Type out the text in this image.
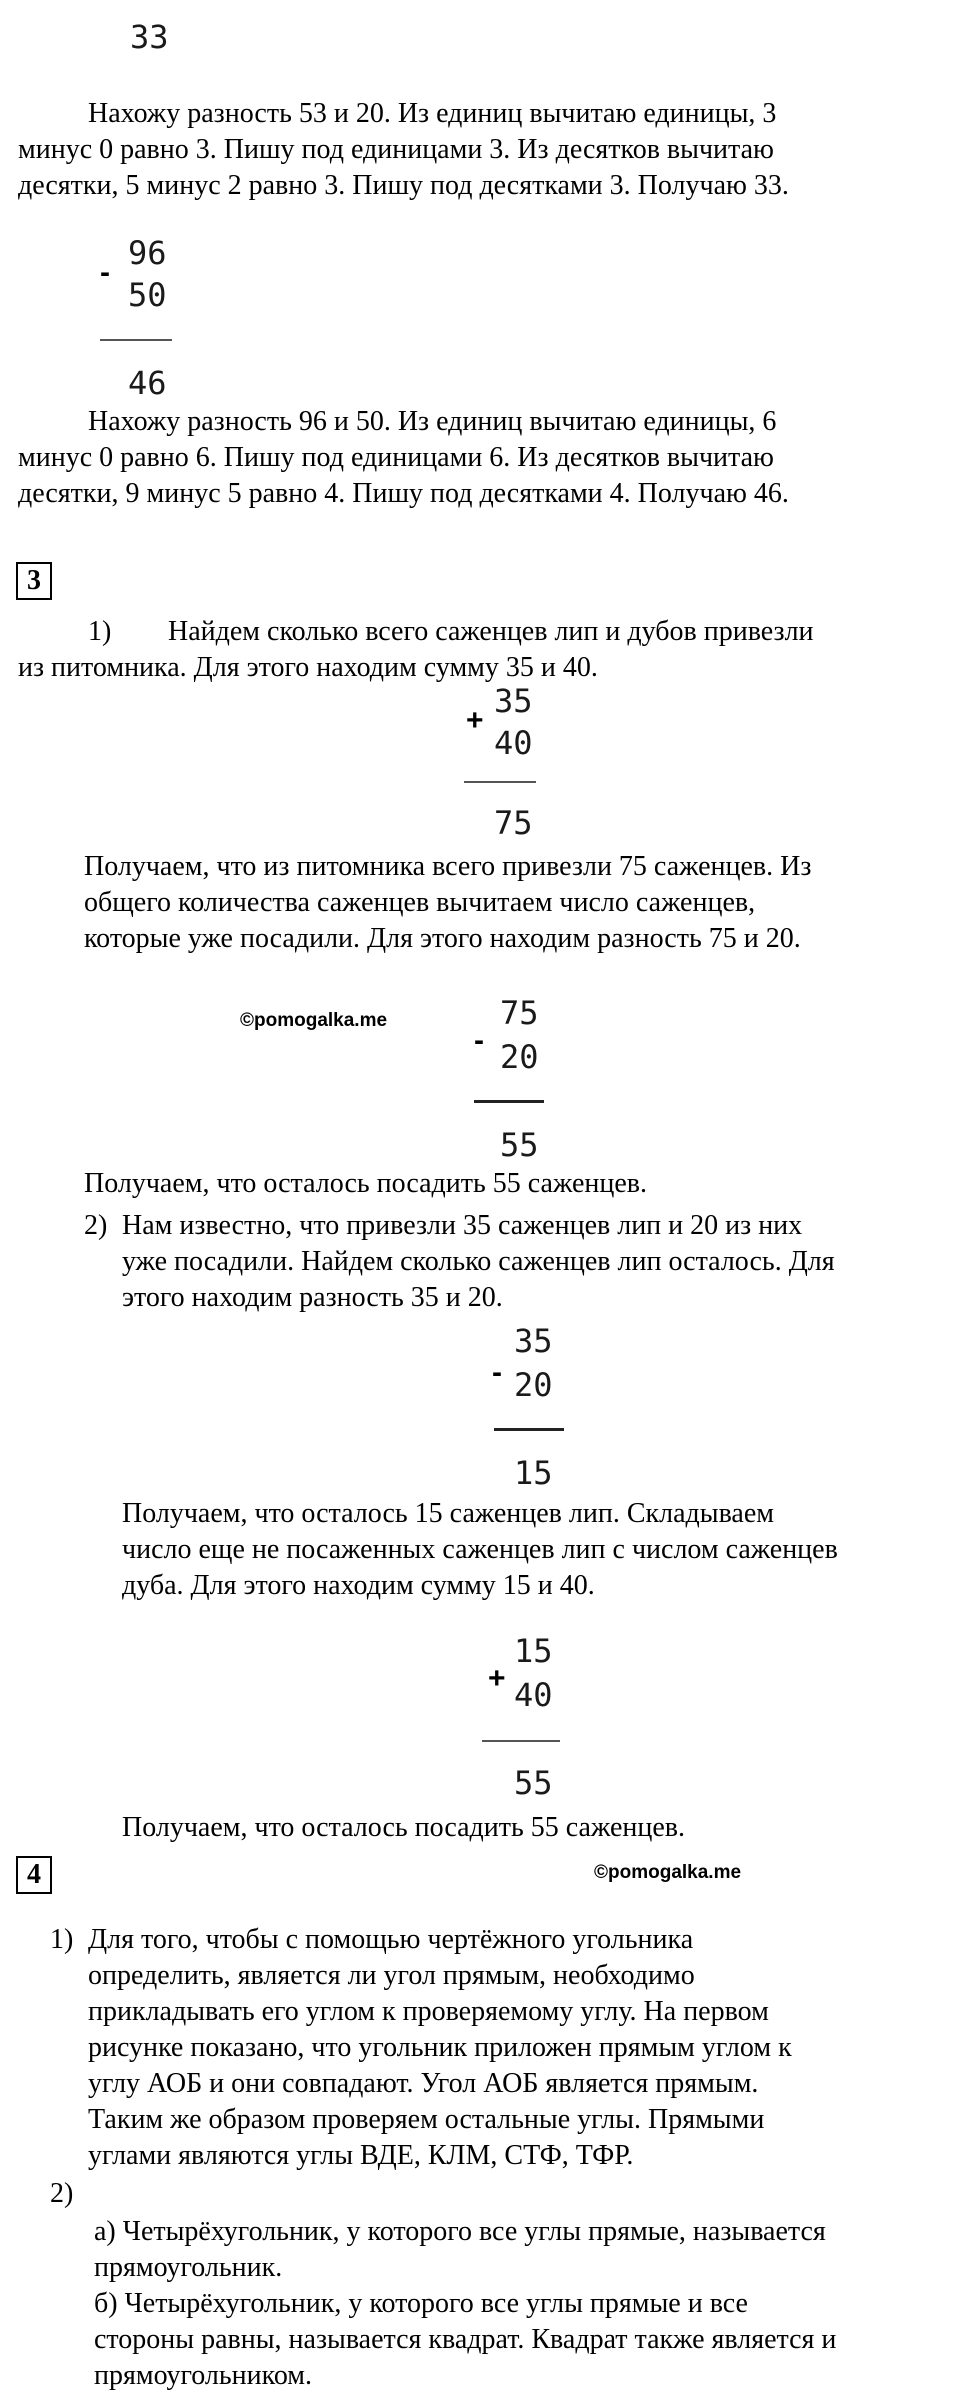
33
Нахожу разность 53 и 20. Из единиц вычитаю единицы, 3
минус 0 равно 3. Пишу под единицами 3. Из десятков вычитаю
десятки, 5 минус 2 равно 3. Пишу под десятками 3. Получаю 33.
-
96
50
46
Нахожу разность 96 и 50. Из единиц вычитаю единицы, 6
минус 0 равно 6. Пишу под единицами 6. Из десятков вычитаю
десятки, 9 минус 5 равно 4. Пишу под десятками 4. Получаю 46.
3
1) Найдем сколько всего саженцев лип и дубов привезли
из питомника. Для этого находим сумму 35 и 40.
+
35
40
75
Получаем, что из питомника всего привезли 75 саженцев. Из
общего количества саженцев вычитаем число саженцев,
которые уже посадили. Для этого находим разность 75 и 20.
©pomogalka.me
-
75
20
55
Получаем, что осталось посадить 55 саженцев.
2) Нам известно, что привезли 35 саженцев лип и 20 из них
уже посадили. Найдем сколько саженцев лип осталось. Для
этого находим разность 35 и 20.
-
35
20
15
Получаем, что осталось 15 саженцев лип. Складываем
число еще не посаженных саженцев лип с числом саженцев
дуба. Для этого находим сумму 15 и 40.
+
15
40
55
Получаем, что осталось посадить 55 саженцев.
4	©pomogalka.me
1) Для того, чтобы с помощью чертёжного угольника
определить, является ли угол прямым, необходимо
прикладывать его углом к проверяемому углу. На первом
рисунке показано, что угольник приложен прямым углом к
углу АОБ и они совпадают. Угол АОБ является прямым.
Таким же образом проверяем остальные углы. Прямыми
углами являются углы ВДЕ, КЛМ, СТФ, ТФР.
2)
а) Четырёхугольник, у которого все углы прямые, называется
прямоугольник.
б) Четырёхугольник, у которого все углы прямые и все
стороны равны, называется квадрат. Квадрат также является и
прямоугольником.
